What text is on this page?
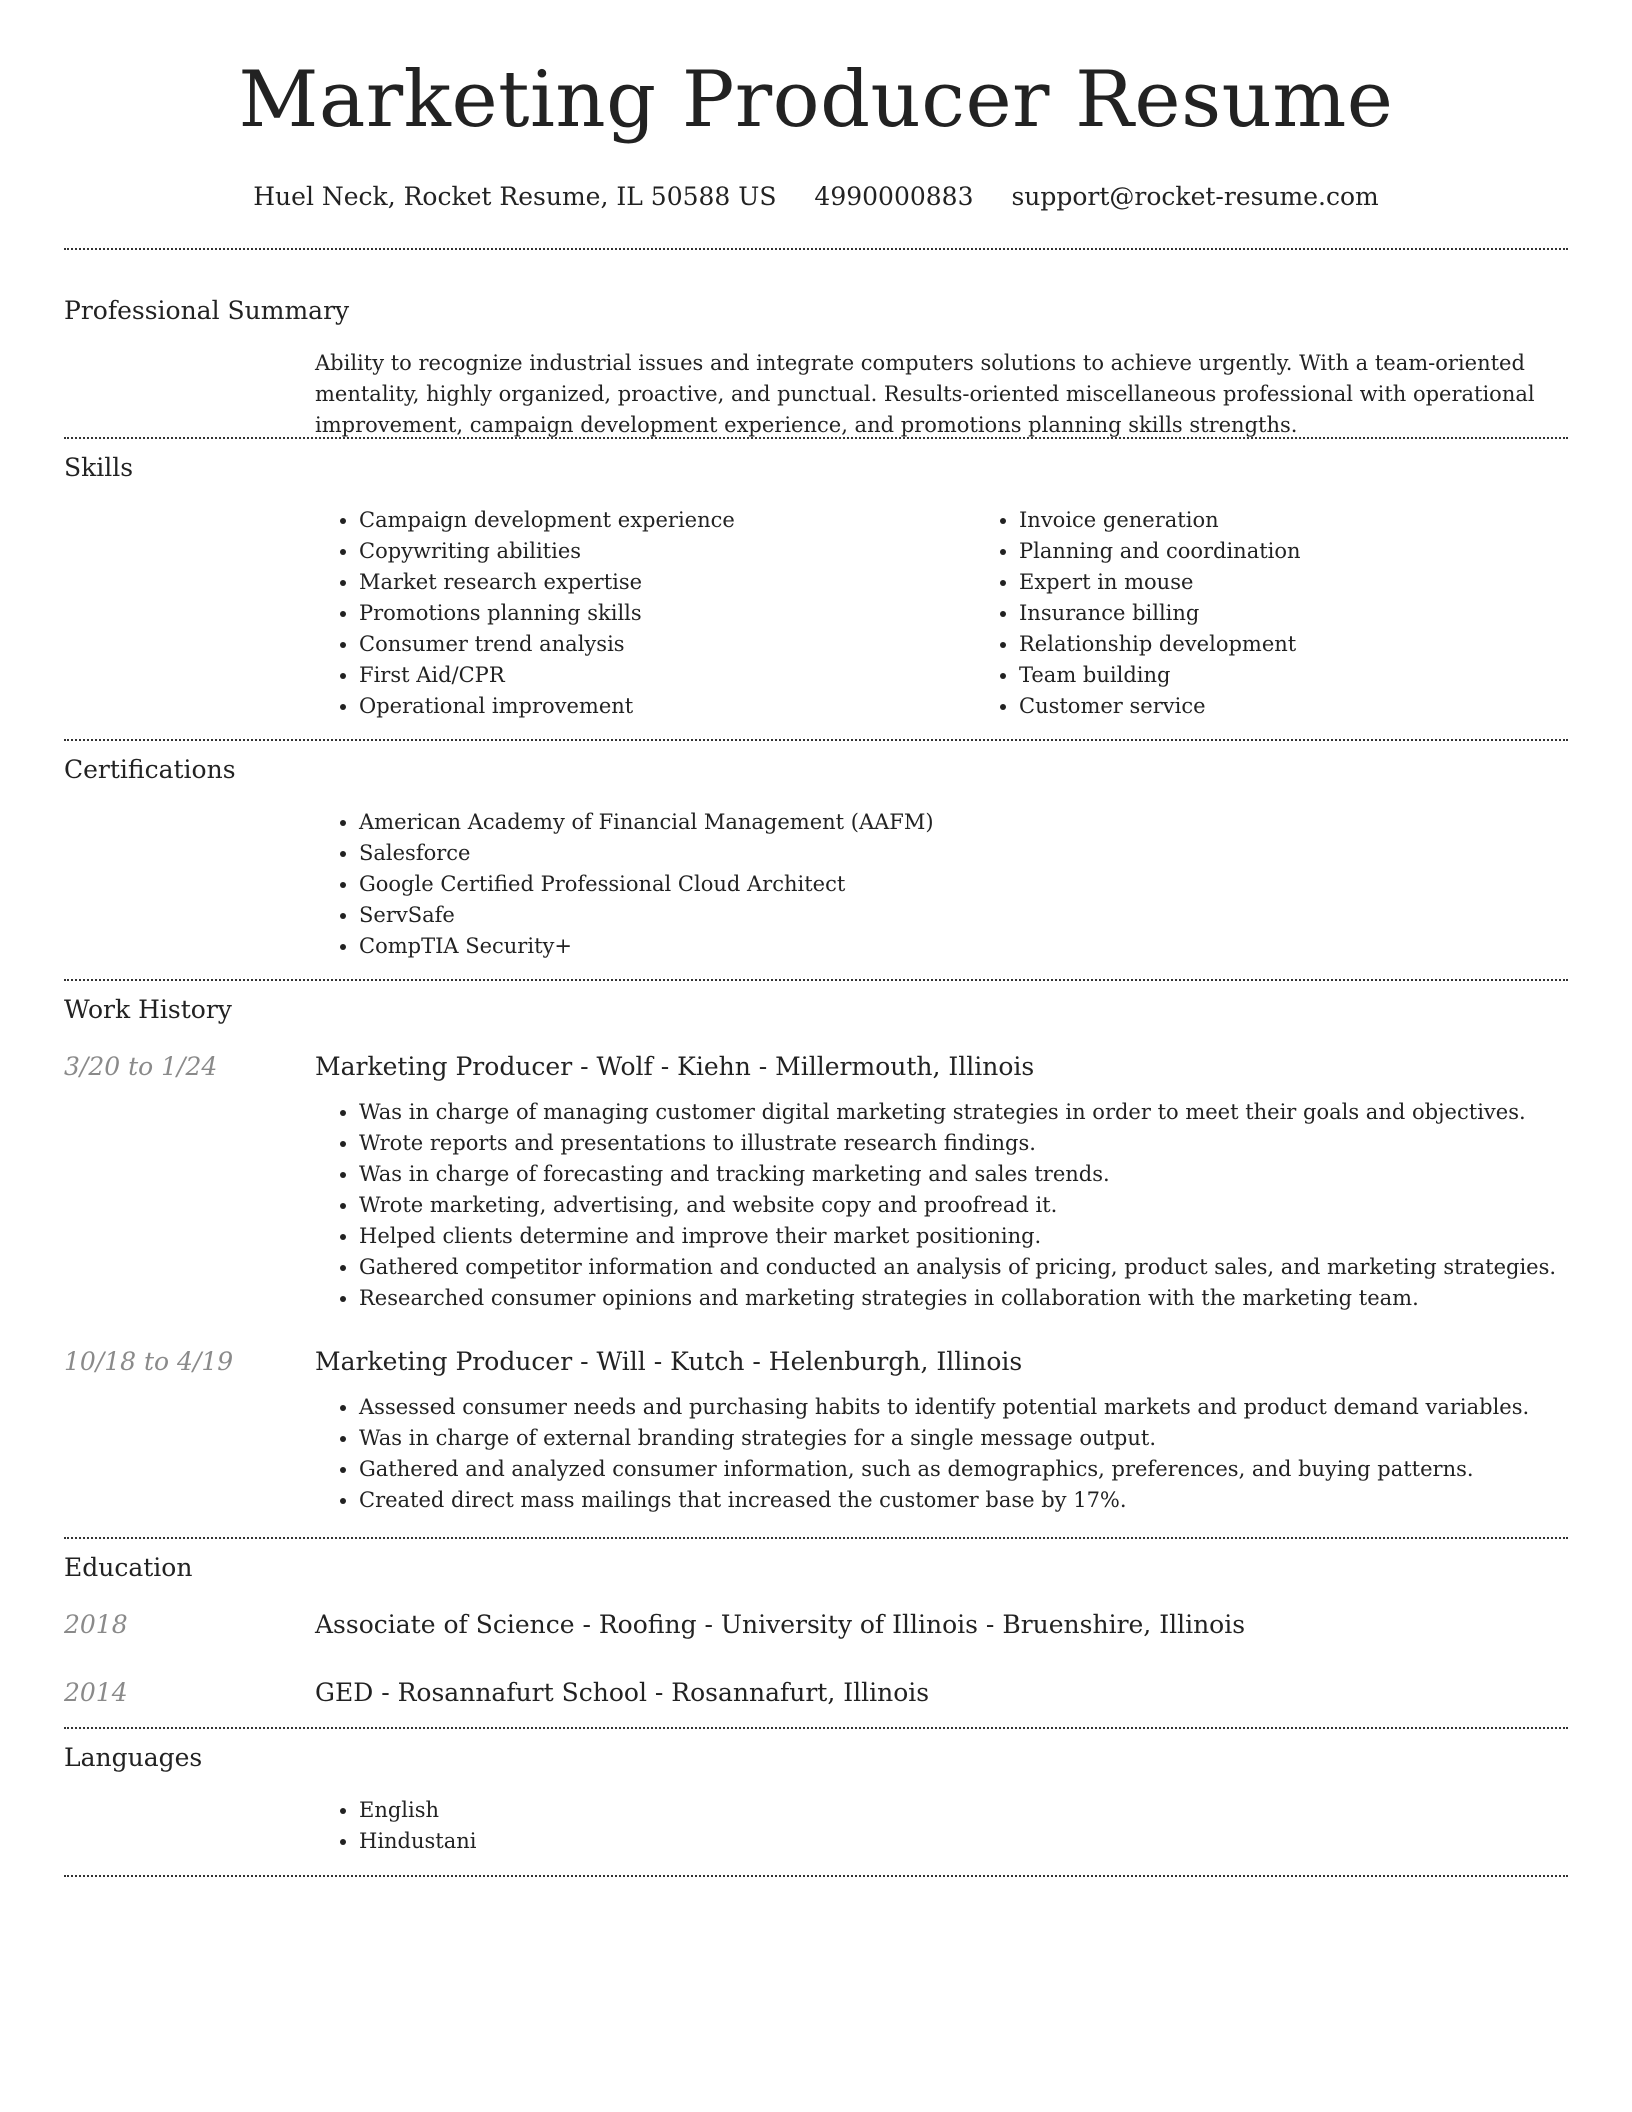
Marketing Producer Resume
Huel Neck, Rocket Resume, IL 50588 US 4990000883 support@rocket-resume.com
Professional Summary
Ability to recognize industrial issues and integrate computers solutions to achieve urgently. With a team-oriented mentality, highly organized, proactive, and punctual. Results-oriented miscellaneous professional with operational improvement, campaign development experience, and promotions planning skills strengths.
Skills
• Campaign development experience
• Copywriting abilities
• Market research expertise
• Promotions planning skills
• Consumer trend analysis
• First Aid/CPR
• Operational improvement
• Invoice generation
• Planning and coordination
• Expert in mouse
• Insurance billing
• Relationship development
• Team building
• Customer service
Certifications
• American Academy of Financial Management (AAFM)
• Salesforce
• Google Certified Professional Cloud Architect
• ServSafe
• CompTIA Security+
Work History
3/20 to 1/24	Marketing Producer - Wolf - Kiehn - Millermouth, Illinois
• Was in charge of managing customer digital marketing strategies in order to meet their goals and objectives.
• Wrote reports and presentations to illustrate research findings.
• Was in charge of forecasting and tracking marketing and sales trends.
• Wrote marketing, advertising, and website copy and proofread it.
• Helped clients determine and improve their market positioning.
• Gathered competitor information and conducted an analysis of pricing, product sales, and marketing strategies.
• Researched consumer opinions and marketing strategies in collaboration with the marketing team.
10/18 to 4/19	Marketing Producer - Will - Kutch - Helenburgh, Illinois
• Assessed consumer needs and purchasing habits to identify potential markets and product demand variables.
• Was in charge of external branding strategies for a single message output.
• Gathered and analyzed consumer information, such as demographics, preferences, and buying patterns.
• Created direct mass mailings that increased the customer base by 17%.
Education
2018	Associate of Science - Roofing - University of Illinois - Bruenshire, Illinois
2014	GED - Rosannafurt School - Rosannafurt, Illinois
Languages
• English
• Hindustani
